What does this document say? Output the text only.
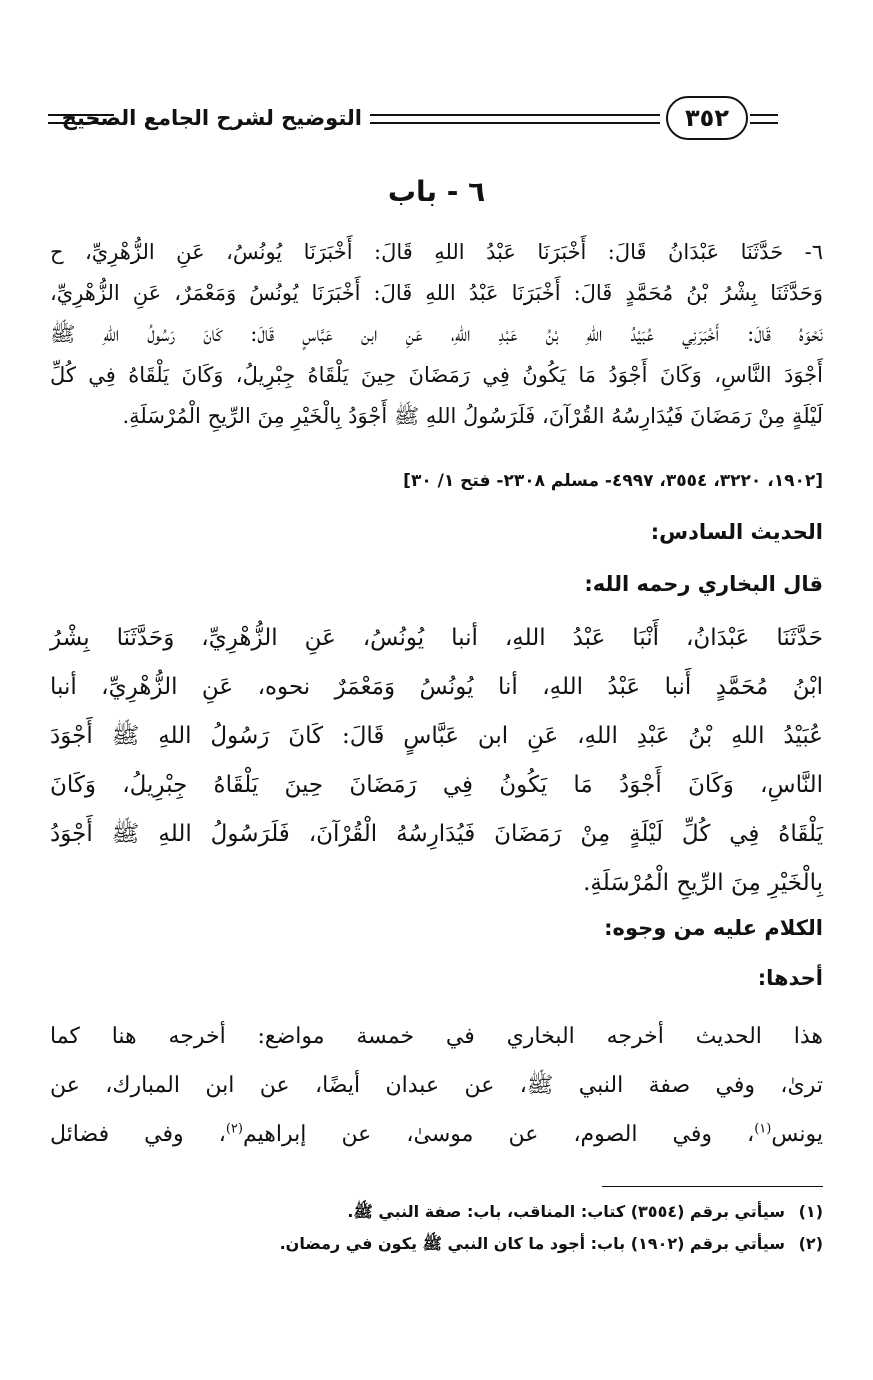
٣٥٢
التوضيح لشرح الجامع الصحيح
٦ - باب
٦- حَدَّثَنَا عَبْدَانُ قَالَ: أَخْبَرَنَا عَبْدُ اللهِ قَالَ: أَخْبَرَنَا يُونُسُ، عَنِ الزُّهْرِيِّ، ح
وَحَدَّثَنَا بِشْرُ بْنُ مُحَمَّدٍ قَالَ: أَخْبَرَنَا عَبْدُ اللهِ قَالَ: أَخْبَرَنَا يُونُسُ وَمَعْمَرٌ، عَنِ الزُّهْرِيِّ،
نَحْوَهُ قَالَ: أَخْبَرَنِي عُبَيْدُ اللهِ بْنُ عَبْدِ اللهِ، عَنِ ابن عَبَّاسٍ قَالَ: كَانَ رَسُولُ اللهِ ﷺ
أَجْوَدَ النَّاسِ، وَكَانَ أَجْوَدُ مَا يَكُونُ فِي رَمَضَانَ حِينَ يَلْقَاهُ جِبْرِيلُ، وَكَانَ يَلْقَاهُ فِي كُلِّ
لَيْلَةٍ مِنْ رَمَضَانَ فَيُدَارِسُهُ القُرْآنَ، فَلَرَسُولُ اللهِ ﷺ أَجْوَدُ بِالْخَيْرِ مِنَ الرِّيحِ الْمُرْسَلَةِ.
[١٩٠٢، ٣٢٢٠، ٣٥٥٤، ٤٩٩٧- مسلم ٢٣٠٨- فتح ١/ ٣٠]
الحديث السادس:
قال البخاري رحمه الله:
حَدَّثَنَا عَبْدَانُ، أَنْبَا عَبْدُ اللهِ، أنبا يُونُسُ، عَنِ الزُّهْرِيِّ، وَحَدَّثَنَا بِشْرُ
ابْنُ مُحَمَّدٍ أَنبا عَبْدُ اللهِ، أنا يُونُسُ وَمَعْمَرٌ نحوه، عَنِ الزُّهْرِيِّ، أنبا
عُبَيْدُ اللهِ بْنُ عَبْدِ اللهِ، عَنِ ابن عَبَّاسٍ قَالَ: كَانَ رَسُولُ اللهِ ﷺ أَجْوَدَ
النَّاسِ، وَكَانَ أَجْوَدُ مَا يَكُونُ فِي رَمَضَانَ حِينَ يَلْقَاهُ جِبْرِيلُ، وَكَانَ
يَلْقَاهُ فِي كُلِّ لَيْلَةٍ مِنْ رَمَضَانَ فَيُدَارِسُهُ الْقُرْآنَ، فَلَرَسُولُ اللهِ ﷺ أَجْوَدُ
بِالْخَيْرِ مِنَ الرِّيحِ الْمُرْسَلَةِ.
الكلام عليه من وجوه:
أحدها:
هذا الحديث أخرجه البخاري في خمسة مواضع: أخرجه هنا كما
ترىٰ، وفي صفة النبي ﷺ، عن عبدان أيضًا، عن ابن المبارك، عن
يونس$^{(١)}$، وفي الصوم، عن موسىٰ، عن إبراهيم$^{(٢)}$، وفي فضائل
(١)سيأتي برقم (٣٥٥٤) كتاب: المناقب، باب: صفة النبي ﷺ.
(٢)سيأتي برقم (١٩٠٢) باب: أجود ما كان النبي ﷺ يكون في رمضان.
